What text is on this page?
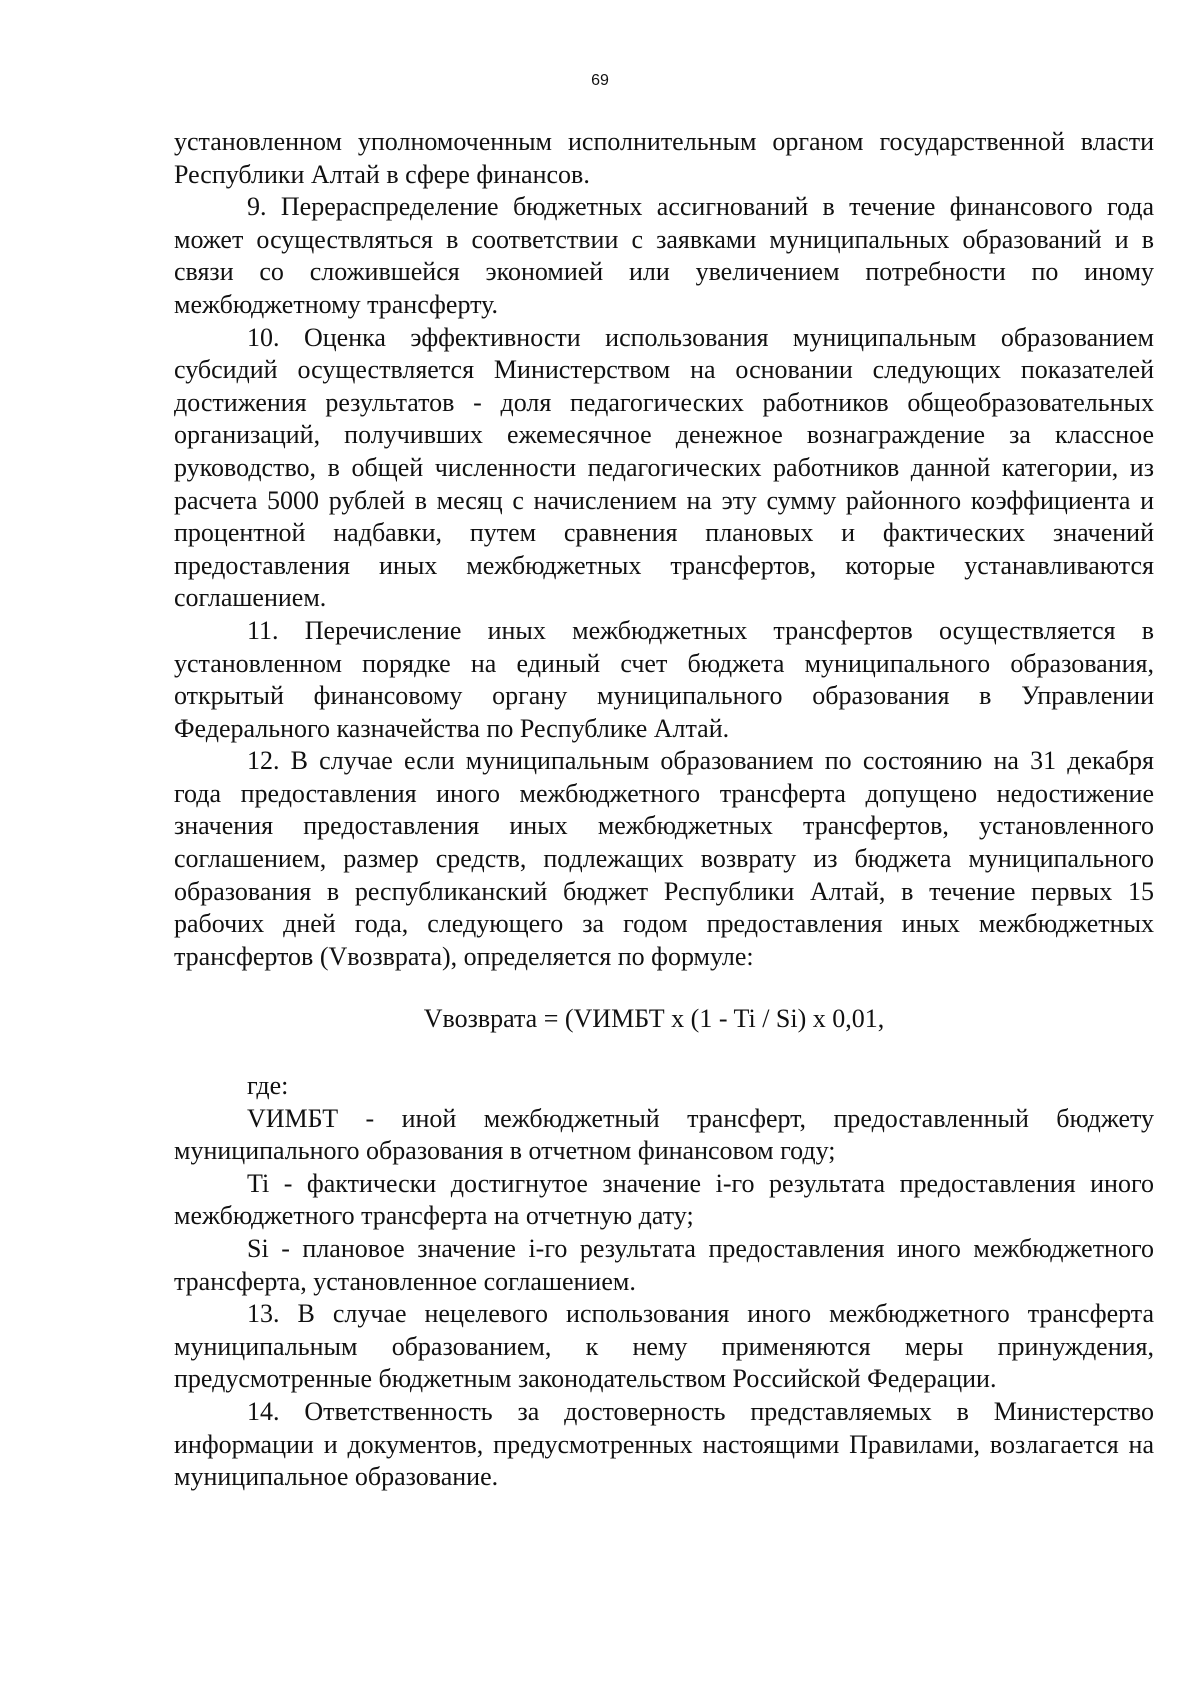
69

установленном уполномоченным исполнительным органом государственной власти Республики Алтай в сфере финансов.

9. Перераспределение бюджетных ассигнований в течение финансового года может осуществляться в соответствии с заявками муниципальных образований и в связи со сложившейся экономией или увеличением потребности по иному межбюджетному трансферту.

10. Оценка эффективности использования муниципальным образованием субсидий осуществляется Министерством на основании следующих показателей достижения результатов - доля педагогических работников общеобразовательных организаций, получивших ежемесячное денежное вознаграждение за классное руководство, в общей численности педагогических работников данной категории, из расчета 5000 рублей в месяц с начислением на эту сумму районного коэффициента и процентной надбавки, путем сравнения плановых и фактических значений предоставления иных межбюджетных трансфертов, которые устанавливаются соглашением.

11. Перечисление иных межбюджетных трансфертов осуществляется в установленном порядке на единый счет бюджета муниципального образования, открытый финансовому органу муниципального образования в Управлении Федерального казначейства по Республике Алтай.

12. В случае если муниципальным образованием по состоянию на 31 декабря года предоставления иного межбюджетного трансферта допущено недостижение значения предоставления иных межбюджетных трансфертов, установленного соглашением, размер средств, подлежащих возврату из бюджета муниципального образования в республиканский бюджет Республики Алтай, в течение первых 15 рабочих дней года, следующего за годом предоставления иных межбюджетных трансфертов (Vвозврата), определяется по формуле:

Vвозврата = (VИМБТ x (1 - Ti / Si) x 0,01,

где:

VИМБТ - иной межбюджетный трансферт, предоставленный бюджету муниципального образования в отчетном финансовом году;

Ti - фактически достигнутое значение i-го результата предоставления иного межбюджетного трансферта на отчетную дату;

Si - плановое значение i-го результата предоставления иного межбюджетного трансферта, установленное соглашением.

13. В случае нецелевого использования иного межбюджетного трансферта муниципальным образованием, к нему применяются меры принуждения, предусмотренные бюджетным законодательством Российской Федерации.

14. Ответственность за достоверность представляемых в Министерство информации и документов, предусмотренных настоящими Правилами, возлагается на муниципальное образование.
